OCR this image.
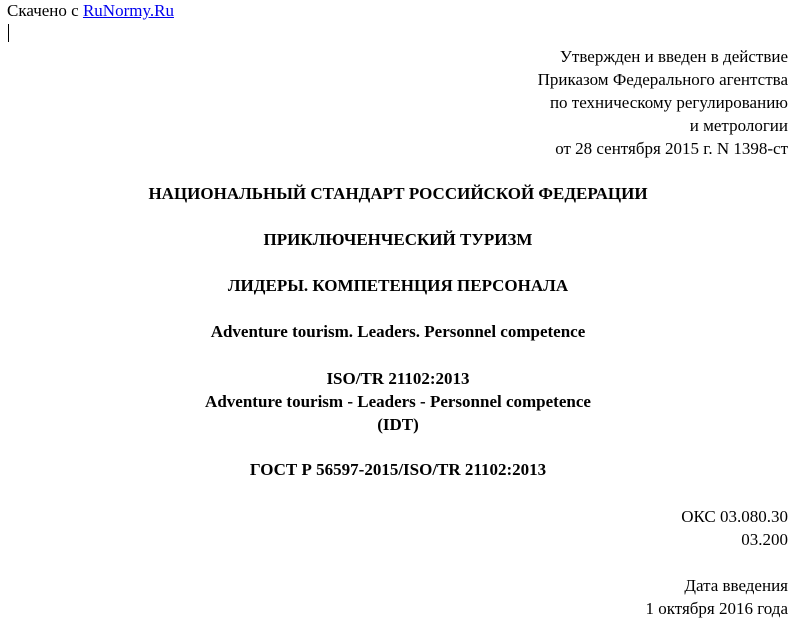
Скачено с RuNormy.Ru
Утвержден и введен в действие
Приказом Федерального агентства
по техническому регулированию
и метрологии
от 28 сентября 2015 г. N 1398-ст
НАЦИОНАЛЬНЫЙ СТАНДАРТ РОССИЙСКОЙ ФЕДЕРАЦИИ
ПРИКЛЮЧЕНЧЕСКИЙ ТУРИЗМ
ЛИДЕРЫ. КОМПЕТЕНЦИЯ ПЕРСОНАЛА
Adventure tourism. Leaders. Personnel competence
ISO/TR 21102:2013
Adventure tourism - Leaders - Personnel competence
(IDT)
ГОСТ Р 56597-2015/ISO/TR 21102:2013
ОКС 03.080.30
03.200
Дата введения
1 октября 2016 года
